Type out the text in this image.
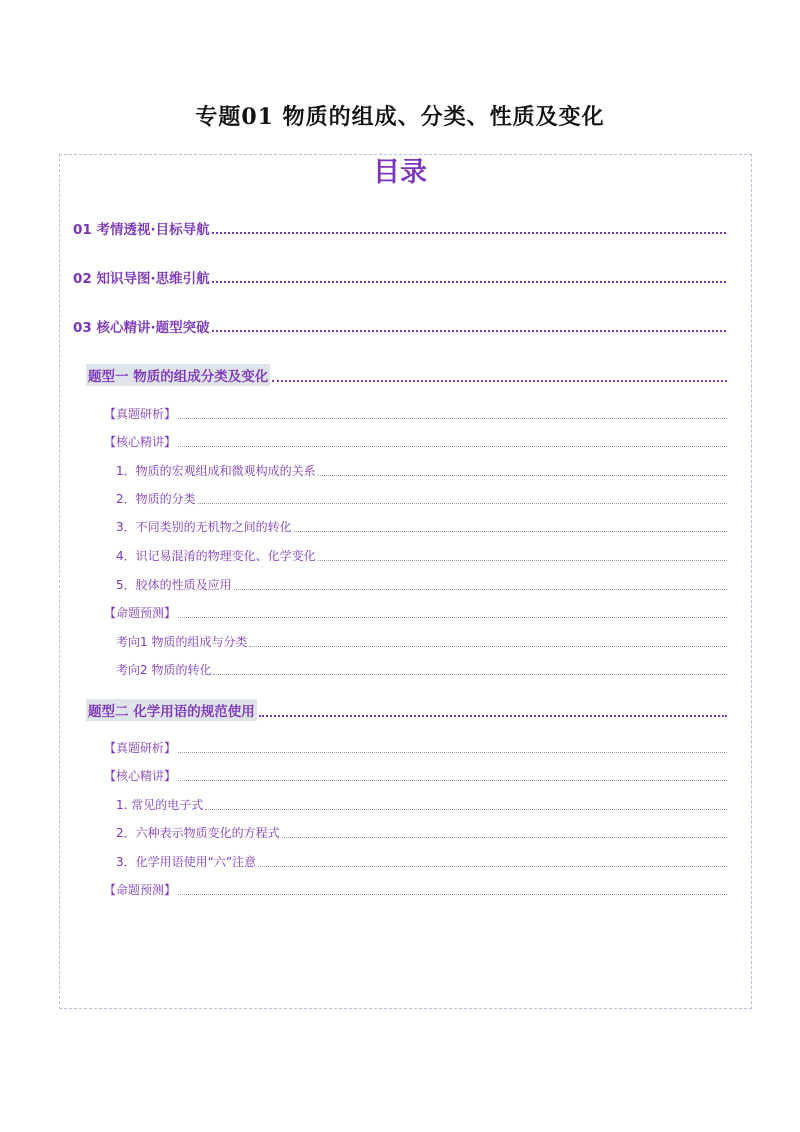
专题01 物质的组成、分类、性质及变化
目录
01 考情透视·目标导航
02 知识导图·思维引航
03 核心精讲·题型突破
题型一 物质的组成分类及变化
【真题研析】
【核心精讲】
1．物质的宏观组成和微观构成的关系
2．物质的分类
3．不同类别的无机物之间的转化
4．识记易混淆的物理变化、化学变化
5．胶体的性质及应用
【命题预测】
考向1 物质的组成与分类
考向2 物质的转化
题型二 化学用语的规范使用
【真题研析】
【核心精讲】
1. 常见的电子式
2．六种表示物质变化的方程式
3．化学用语使用“六”注意
【命题预测】
